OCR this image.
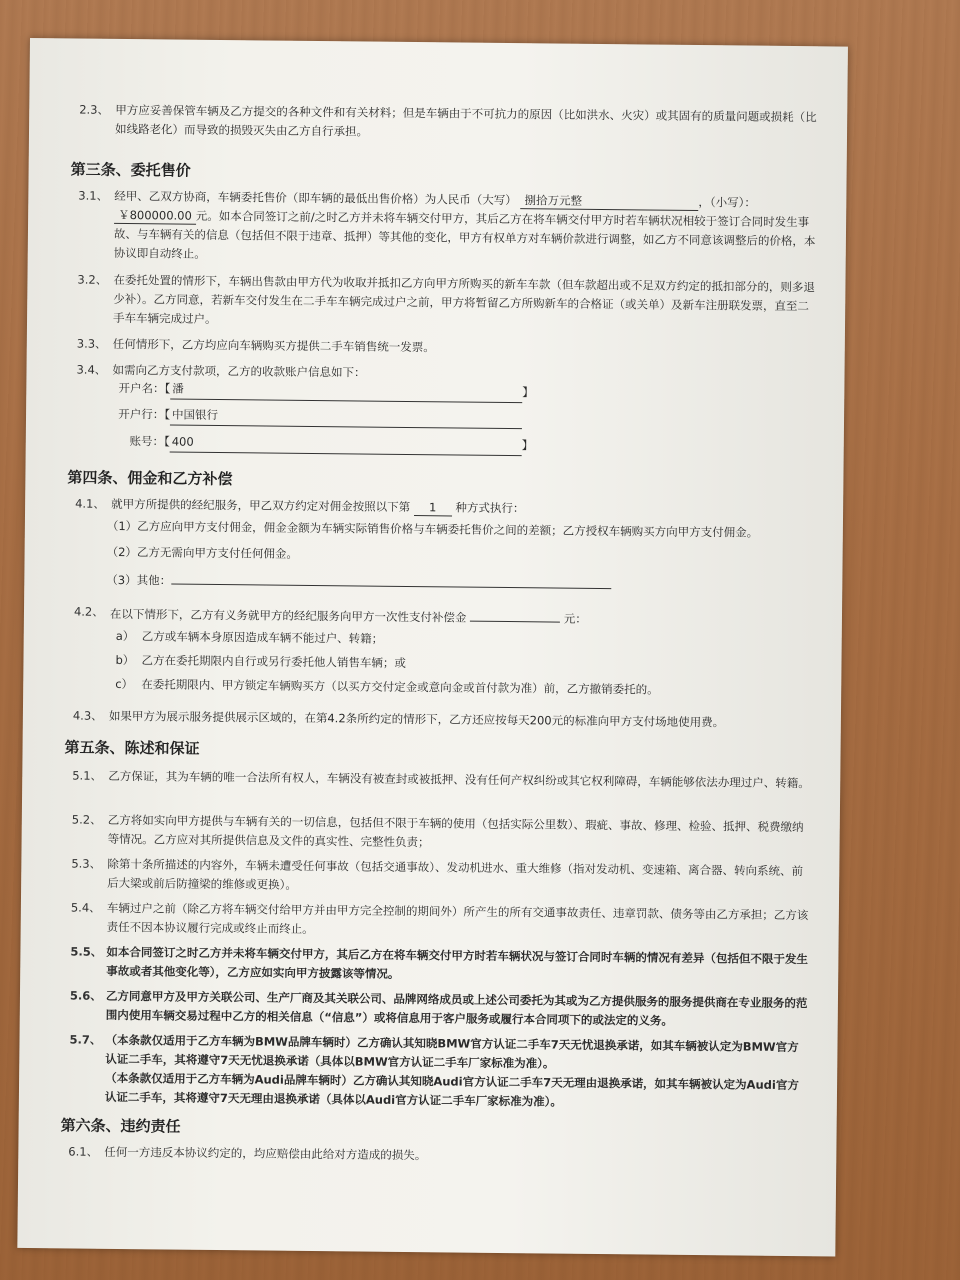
2.3、 甲方应妥善保管车辆及乙方提交的各种文件和有关材料；但是车辆由于不可抗力的原因（比如洪水、火灾）或其固有的质量问题或损耗（比如线路老化）而导致的损毁灭失由乙方自行承担。
第三条、委托售价
3.1、 经甲、乙双方协商，车辆委托售价（即车辆的最低出售价格）为人民币（大写） 捌拾万元整	，（小写）： ￥800000.00 元。如本合同签订之前/之时乙方并未将车辆交付甲方，其后乙方在将车辆交付甲方时若车辆状况相较于签订合同时发生事故、与车辆有关的信息（包括但不限于违章、抵押）等其他的变化，甲方有权单方对车辆价款进行调整，如乙方不同意该调整后的价格，本协议即自动终止。
3.2、 在委托处置的情形下，车辆出售款由甲方代为收取并抵扣乙方向甲方所购买的新车车款（但车款超出或不足双方约定的抵扣部分的，则多退少补）。乙方同意，若新车交付发生在二手车车辆完成过户之前，甲方将暂留乙方所购新车的合格证（或关单）及新车注册联发票，直至二手车车辆完成过户。
3.3、 任何情形下，乙方均应向车辆购买方提供二手车销售统一发票。
3.4、 如需向乙方支付款项，乙方的收款账户信息如下：
开户名：【 潘	】
开户行：【 中国银行
账号：【 400	】
第四条、佣金和乙方补偿
4.1、 就甲方所提供的经纪服务，甲乙双方约定对佣金按照以下第 1 种方式执行：
（1）乙方应向甲方支付佣金，佣金金额为车辆实际销售价格与车辆委托售价之间的差额；乙方授权车辆购买方向甲方支付佣金。
（2）乙方无需向甲方支付任何佣金。
（3）其他：
4.2、 在以下情形下，乙方有义务就甲方的经纪服务向甲方一次性支付补偿金	元：
a） 乙方或车辆本身原因造成车辆不能过户、转籍；
b） 乙方在委托期限内自行或另行委托他人销售车辆；或
c） 在委托期限内、甲方锁定车辆购买方（以买方交付定金或意向金或首付款为准）前，乙方撤销委托的。
4.3、 如果甲方为展示服务提供展示区域的，在第4.2条所约定的情形下，乙方还应按每天200元的标准向甲方支付场地使用费。
第五条、陈述和保证
5.1、 乙方保证，其为车辆的唯一合法所有权人，车辆没有被查封或被抵押、没有任何产权纠纷或其它权利障碍，车辆能够依法办理过户、转籍。
5.2、 乙方将如实向甲方提供与车辆有关的一切信息，包括但不限于车辆的使用（包括实际公里数）、瑕疵、事故、修理、检验、抵押、税费缴纳等情况。乙方应对其所提供信息及文件的真实性、完整性负责；
5.3、 除第十条所描述的内容外，车辆未遭受任何事故（包括交通事故）、发动机进水、重大维修（指对发动机、变速箱、离合器、转向系统、前后大梁或前后防撞梁的维修或更换）。
5.4、 车辆过户之前（除乙方将车辆交付给甲方并由甲方完全控制的期间外）所产生的所有交通事故责任、违章罚款、债务等由乙方承担；乙方该责任不因本协议履行完成或终止而终止。
5.5、 如本合同签订之时乙方并未将车辆交付甲方，其后乙方在将车辆交付甲方时若车辆状况与签订合同时车辆的情况有差异（包括但不限于发生事故或者其他变化等），乙方应如实向甲方披露该等情况。
5.6、 乙方同意甲方及甲方关联公司、生产厂商及其关联公司、品牌网络成员或上述公司委托为其或为乙方提供服务的服务提供商在专业服务的范围内使用车辆交易过程中乙方的相关信息（“信息”）或将信息用于客户服务或履行本合同项下的或法定的义务。
5.7、 （本条款仅适用于乙方车辆为BMW品牌车辆时）乙方确认其知晓BMW官方认证二手车7天无忧退换承诺，如其车辆被认定为BMW官方认证二手车，其将遵守7天无忧退换承诺（具体以BMW官方认证二手车厂家标准为准）。
（本条款仅适用于乙方车辆为Audi品牌车辆时）乙方确认其知晓Audi官方认证二手车7天无理由退换承诺，如其车辆被认定为Audi官方认证二手车，其将遵守7天无理由退换承诺（具体以Audi官方认证二手车厂家标准为准）。
第六条、违约责任
6.1、 任何一方违反本协议约定的，均应赔偿由此给对方造成的损失。
